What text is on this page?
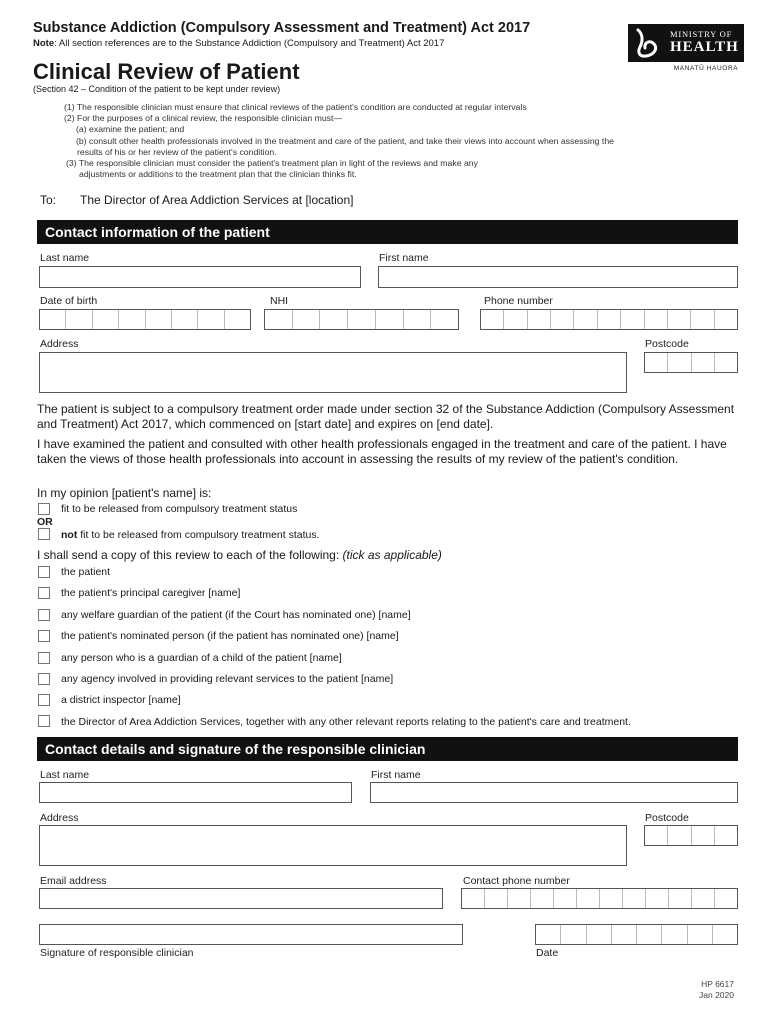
Substance Addiction (Compulsory Assessment and Treatment) Act 2017
Note: All section references are to the Substance Addiction (Compulsory and Treatment) Act 2017
MINISTRY OF
HEALTH
MANATŪ HAUORA
Clinical Review of Patient
(Section 42 – Condition of the patient to be kept under review)
(1) The responsible clinician must ensure that clinical reviews of the patient's condition are conducted at regular intervals
(2) For the purposes of a clinical review, the responsible clinician must—
(a) examine the patient; and
(b) consult other health professionals involved in the treatment and care of the patient, and take their views into account when assessing the
results of his or her review of the patient's condition.
(3) The responsible clinician must consider the patient's treatment plan in light of the reviews and make any
adjustments or additions to the treatment plan that the clinician thinks fit.
To: The Director of Area Addiction Services at [location]
Contact information of the patient
Last name	First name
Date of birth	NHI	Phone number
Address	Postcode
The patient is subject to a compulsory treatment order made under section 32 of the Substance Addiction (Compulsory Assessment and Treatment) Act 2017, which commenced on [start date] and expires on [end date].
I have examined the patient and consulted with other health professionals engaged in the treatment and care of the patient. I have taken the views of those health professionals into account in assessing the results of my review of the patient's condition.
In my opinion [patient's name] is:
fit to be released from compulsory treatment status
OR
not fit to be released from compulsory treatment status.
I shall send a copy of this review to each of the following: (tick as applicable)
the patient
the patient's principal caregiver [name]
any welfare guardian of the patient (if the Court has nominated one) [name]
the patient's nominated person (if the patient has nominated one) [name]
any person who is a guardian of a child of the patient [name]
any agency involved in providing relevant services to the patient [name]
a district inspector [name]
the Director of Area Addiction Services, together with any other relevant reports relating to the patient's care and treatment.
Contact details and signature of the responsible clinician
Last name	First name
Address	Postcode
Email address	Contact phone number
Signature of responsible clinician	Date
HP 6617
Jan 2020
